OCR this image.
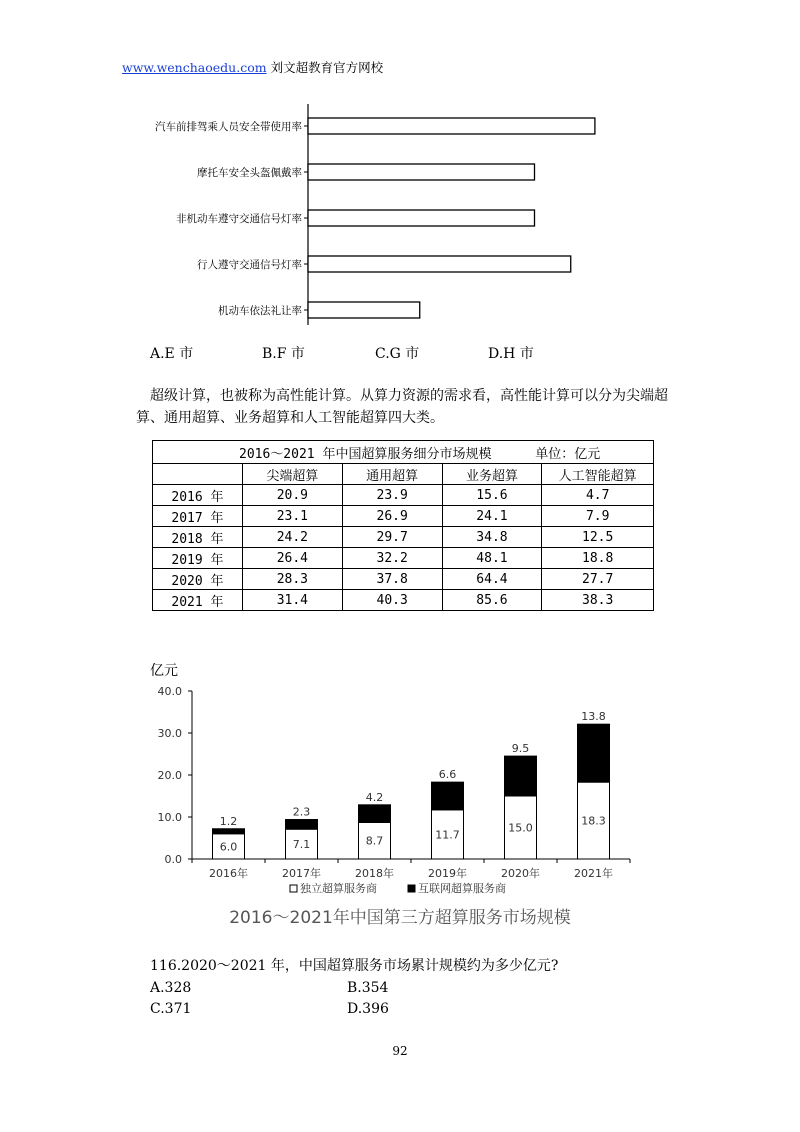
www.wenchaoedu.com 刘文超教育官方网校
汽车前排驾乘人员安全带使用率
摩托车安全头盔佩戴率
非机动车遵守交通信号灯率
行人遵守交通信号灯率
机动车依法礼让率
A.E 市	B.F 市	C.G 市	D.H 市
超级计算，也被称为高性能计算。从算力资源的需求看，高性能计算可以分为尖端超算、通用超算、业务超算和人工智能超算四大类。
2016～2021 年中国超算服务细分市场规模 单位：亿元				
	尖端超算	通用超算	业务超算	人工智能超算
2016 年	20.9	23.9	15.6	4.7
2017 年	23.1	26.9	24.1	7.9
2018 年	24.2	29.7	34.8	12.5
2019 年	26.4	32.2	48.1	18.8
2020 年	28.3	37.8	64.4	27.7
2021 年	31.4	40.3	85.6	38.3
亿元
0.0
10.0
20.0
30.0
40.0
6.0
1.2
2016年
7.1
2.3
2017年
8.7
4.2
2018年
11.7
6.6
2019年
15.0
9.5
2020年
18.3
13.8
2021年
独立超算服务商	互联网超算服务商
2016～2021年中国第三方超算服务市场规模
116.2020～2021 年，中国超算服务市场累计规模约为多少亿元?
A.328	B.354
C.371	D.396
92
